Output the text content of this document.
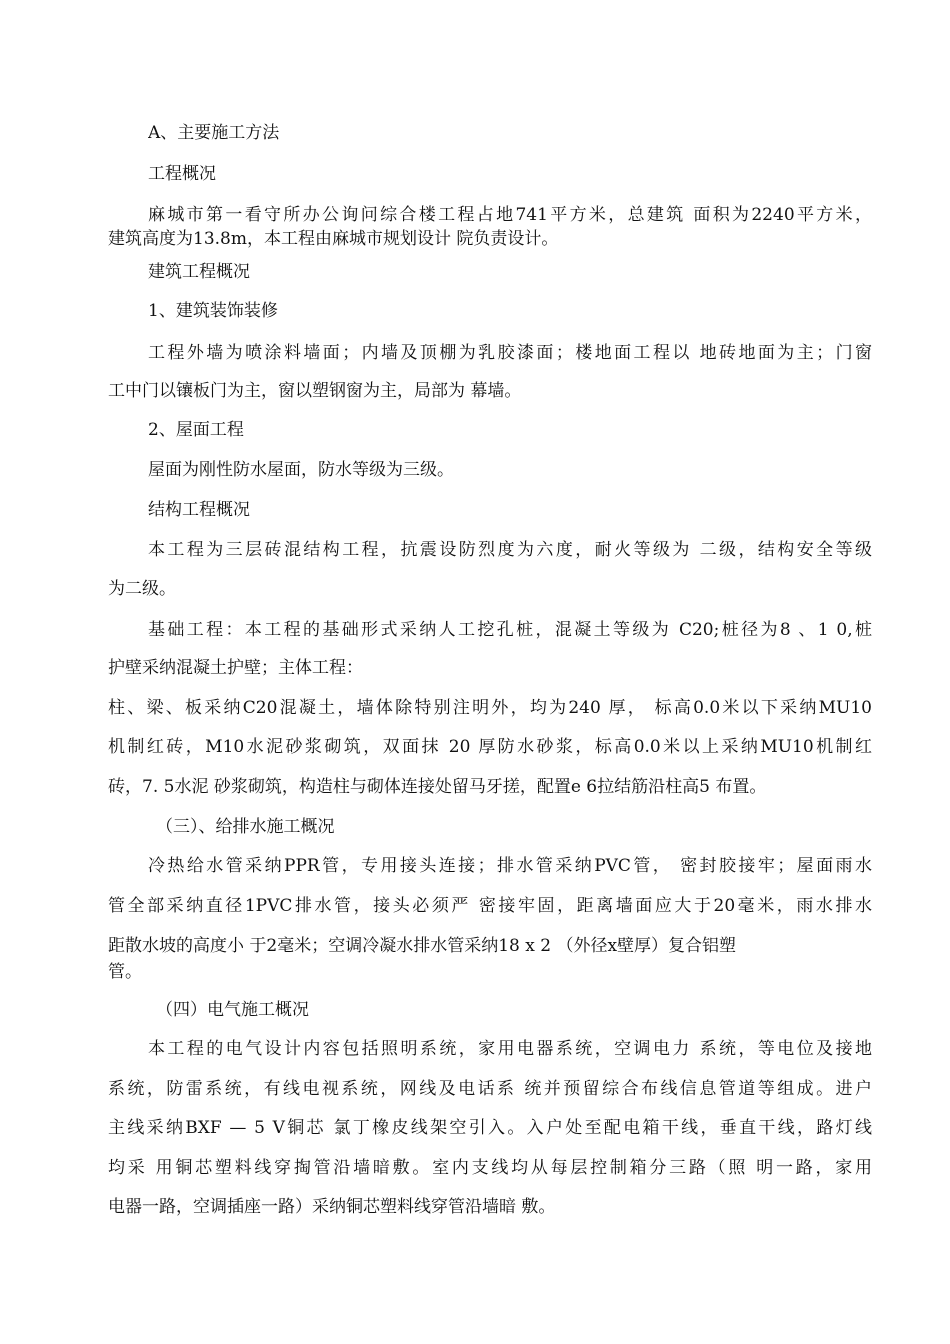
A、主要施工方法
工程概况
麻城市第一看守所办公询问综合楼工程占地741平方米，总建筑 面积为2240平方米，
建筑高度为13.8m，本工程由麻城市规划设计 院负责设计。
建筑工程概况
1、建筑装饰装修
工程外墙为喷涂料墙面；内墙及顶棚为乳胶漆面；楼地面工程以 地砖地面为主；门窗
工中门以镶板门为主，窗以塑钢窗为主，局部为 幕墙。
2、屋面工程
屋面为刚性防水屋面，防水等级为三级。
结构工程概况
本工程为三层砖混结构工程，抗震设防烈度为六度，耐火等级为 二级，结构安全等级
为二级。
基础工程：本工程的基础形式采纳人工挖孔桩，混凝土等级为 C20;桩径为8 、1 0,桩
护壁采纳混凝土护壁；主体工程：
柱、梁、板采纳C20混凝土，墙体除特别注明外，均为240 厚， 标高0.0米以下采纳MU10
机制红砖，M10水泥砂浆砌筑，双面抹 20 厚防水砂浆，标高0.0米以上采纳MU10机制红
砖，7. 5水泥 砂浆砌筑，构造柱与砌体连接处留马牙搓，配置e 6拉结筋沿柱高5 布置。
（三）、给排水施工概况
冷热给水管采纳PPR管，专用接头连接；排水管采纳PVC管， 密封胶接牢；屋面雨水
管全部采纳直径1PVC排水管，接头必须严 密接牢固，距离墙面应大于20毫米，雨水排水
距散水坡的高度小 于2毫米；空调冷凝水排水管采纳18 x 2 （外径x壁厚）复合铝塑
管。
（四）电气施工概况
本工程的电气设计内容包括照明系统，家用电器系统，空调电力 系统，等电位及接地
系统，防雷系统，有线电视系统，网线及电话系 统并预留综合布线信息管道等组成。进户
主线采纳BXF — 5 V铜芯 氯丁橡皮线架空引入。入户处至配电箱干线，垂直干线，路灯线
均采 用铜芯塑料线穿掏管沿墙暗敷。室内支线均从每层控制箱分三路（照 明一路，家用
电器一路，空调插座一路）采纳铜芯塑料线穿管沿墙暗 敷。
